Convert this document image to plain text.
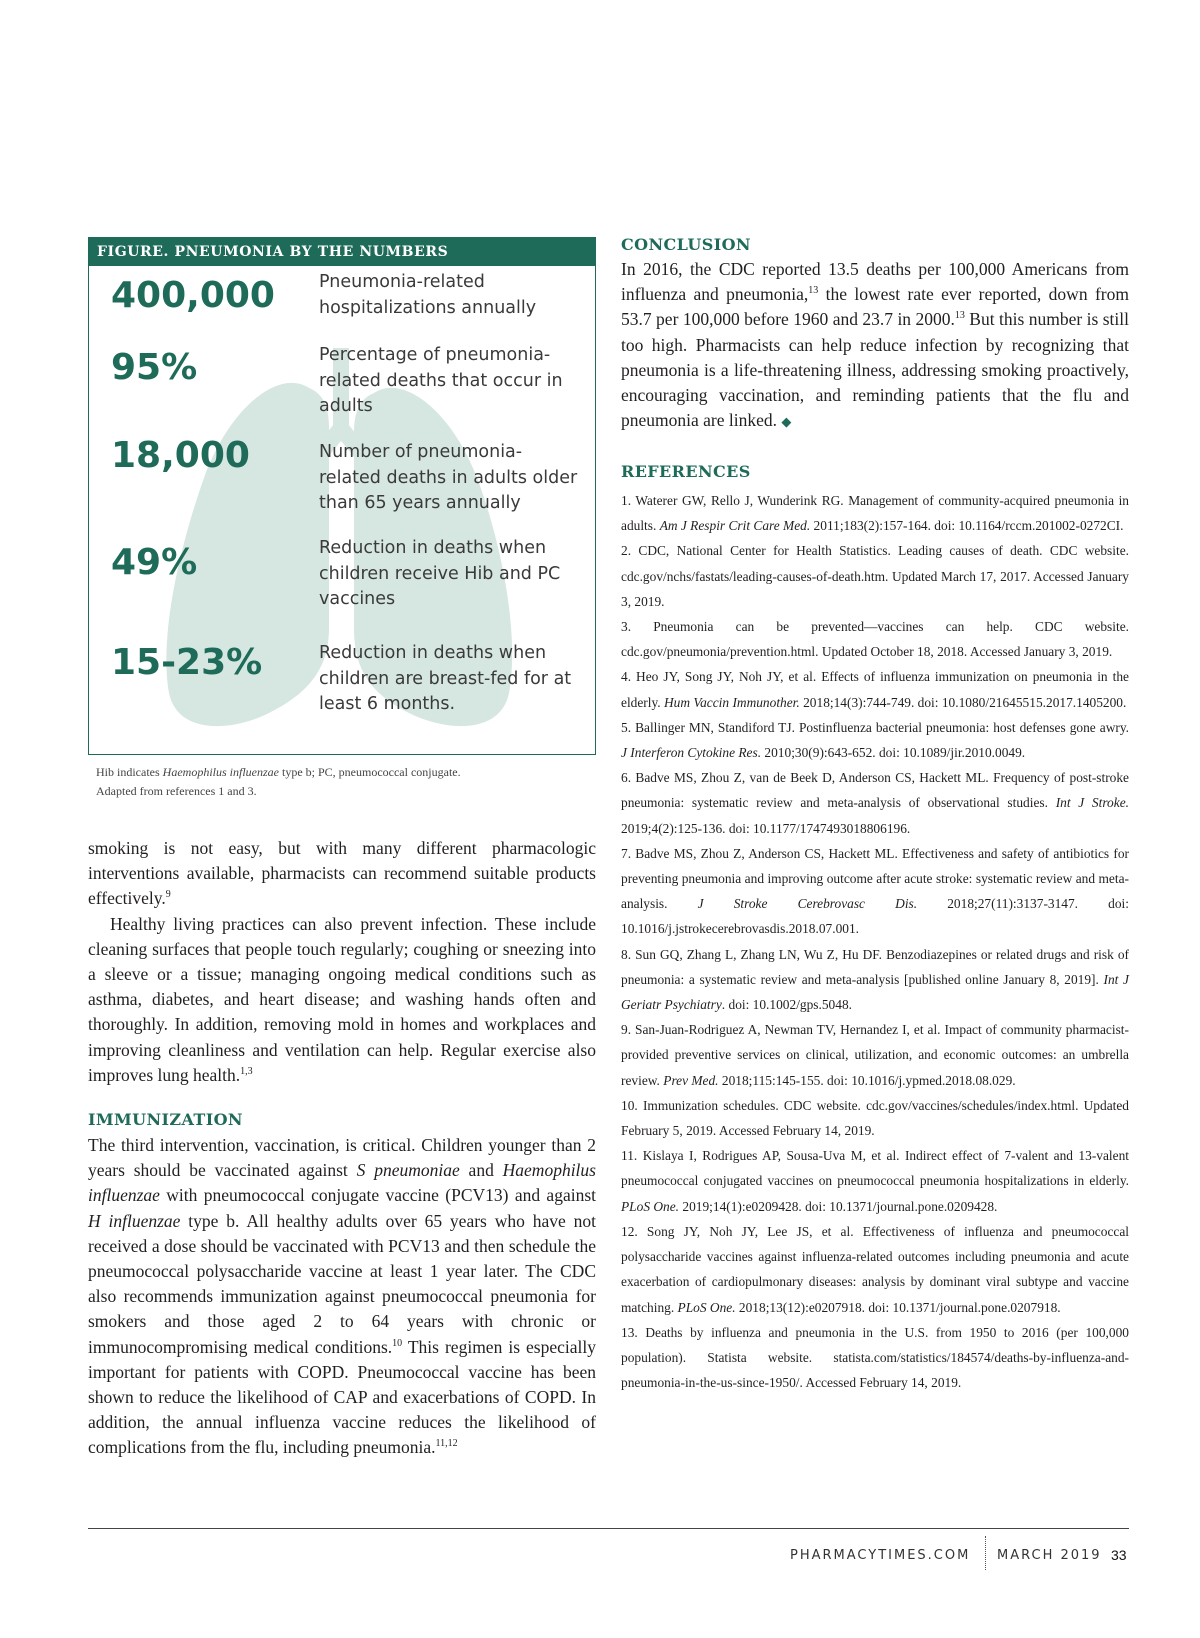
FIGURE. PNEUMONIA BY THE NUMBERS
400,000	Pneumonia-related hospitalizations annually
95%	Percentage of pneumonia-related deaths that occur in adults
18,000	Number of pneumonia-related deaths in adults older than 65 years annually
49%	Reduction in deaths when children receive Hib and PC vaccines
15-23%	Reduction in deaths when children are breast-fed for at least 6 months.
Hib indicates Haemophilus influenzae type b; PC, pneumococcal conjugate.
Adapted from references 1 and 3.

smoking is not easy, but with many different pharmacologic interventions available, pharmacists can recommend suitable products effectively.$^9$

Healthy living practices can also prevent infection. These include cleaning surfaces that people touch regularly; coughing or sneezing into a sleeve or a tissue; managing ongoing medical conditions such as asthma, diabetes, and heart disease; and washing hands often and thoroughly. In addition, removing mold in homes and workplaces and improving cleanliness and ventilation can help. Regular exercise also improves lung health.$^{1,3}$

IMMUNIZATION

The third intervention, vaccination, is critical. Children younger than 2 years should be vaccinated against S pneumoniae and Haemophilus influenzae with pneumococcal conjugate vaccine (PCV13) and against H influenzae type b. All healthy adults over 65 years who have not received a dose should be vaccinated with PCV13 and then schedule the pneumococcal polysaccharide vaccine at least 1 year later. The CDC also recommends immunization against pneumococcal pneumonia for smokers and those aged 2 to 64 years with chronic or immunocompromising medical conditions.$^{10}$ This regimen is especially important for patients with COPD. Pneumococcal vaccine has been shown to reduce the likelihood of CAP and exacerbations of COPD. In addition, the annual influenza vaccine reduces the likelihood of complications from the flu, including pneumonia.$^{11,12}$

CONCLUSION

In 2016, the CDC reported 13.5 deaths per 100,000 Americans from influenza and pneumonia,$^{13}$ the lowest rate ever reported, down from 53.7 per 100,000 before 1960 and 23.7 in 2000.13 But this number is still too high. Pharmacists can help reduce infection by recognizing that pneumonia is a life-threatening illness, addressing smoking proactively, encouraging vaccination, and reminding patients that the flu and pneumonia are linked. ◆

REFERENCES

1. Waterer GW, Rello J, Wunderink RG. Management of community-acquired pneumonia in adults. Am J Respir Crit Care Med. 2011;183(2):157-164. doi: 10.1164/rccm.201002-0272CI.

2. CDC, National Center for Health Statistics. Leading causes of death. CDC website. cdc.gov/nchs/fastats/leading-causes-of-death.htm. Updated March 17, 2017. Accessed January 3, 2019.

3. Pneumonia can be prevented—vaccines can help. CDC website. cdc.gov/pneumonia/prevention.html. Updated October 18, 2018. Accessed January 3, 2019.

4. Heo JY, Song JY, Noh JY, et al. Effects of influenza immunization on pneumonia in the elderly. Hum Vaccin Immunother. 2018;14(3):744-749. doi: 10.1080/21645515.2017.1405200.

5. Ballinger MN, Standiford TJ. Postinfluenza bacterial pneumonia: host defenses gone awry. J Interferon Cytokine Res. 2010;30(9):643-652. doi: 10.1089/jir.2010.0049.

6. Badve MS, Zhou Z, van de Beek D, Anderson CS, Hackett ML. Frequency of post-stroke pneumonia: systematic review and meta-analysis of observational studies. Int J Stroke. 2019;4(2):125-136. doi: 10.1177/1747493018806196.

7. Badve MS, Zhou Z, Anderson CS, Hackett ML. Effectiveness and safety of antibiotics for preventing pneumonia and improving outcome after acute stroke: systematic review and meta-analysis. J Stroke Cerebrovasc Dis. 2018;27(11):3137-3147. doi: 10.1016/j.jstrokecerebrovasdis.2018.07.001.

8. Sun GQ, Zhang L, Zhang LN, Wu Z, Hu DF. Benzodiazepines or related drugs and risk of pneumonia: a systematic review and meta-analysis [published online January 8, 2019]. Int J Geriatr Psychiatry. doi: 10.1002/gps.5048.

9. San-Juan-Rodriguez A, Newman TV, Hernandez I, et al. Impact of community pharmacist-provided preventive services on clinical, utilization, and economic outcomes: an umbrella review. Prev Med. 2018;115:145-155. doi: 10.1016/j.ypmed.2018.08.029.

10. Immunization schedules. CDC website. cdc.gov/vaccines/schedules/index.html. Updated February 5, 2019. Accessed February 14, 2019.

11. Kislaya I, Rodrigues AP, Sousa-Uva M, et al. Indirect effect of 7-valent and 13-valent pneumococcal conjugated vaccines on pneumococcal pneumonia hospitalizations in elderly. PLoS One. 2019;14(1):e0209428. doi: 10.1371/journal.pone.0209428.

12. Song JY, Noh JY, Lee JS, et al. Effectiveness of influenza and pneumococcal polysaccharide vaccines against influenza-related outcomes including pneumonia and acute exacerbation of cardiopulmonary diseases: analysis by dominant viral subtype and vaccine matching. PLoS One. 2018;13(12):e0207918. doi: 10.1371/journal.pone.0207918.

13. Deaths by influenza and pneumonia in the U.S. from 1950 to 2016 (per 100,000 population). Statista website. statista.com/statistics/184574/deaths-by-influenza-and-pneumonia-in-the-us-since-1950/. Accessed February 14, 2019.

PHARMACYTIMES.COM MARCH 2019 33
